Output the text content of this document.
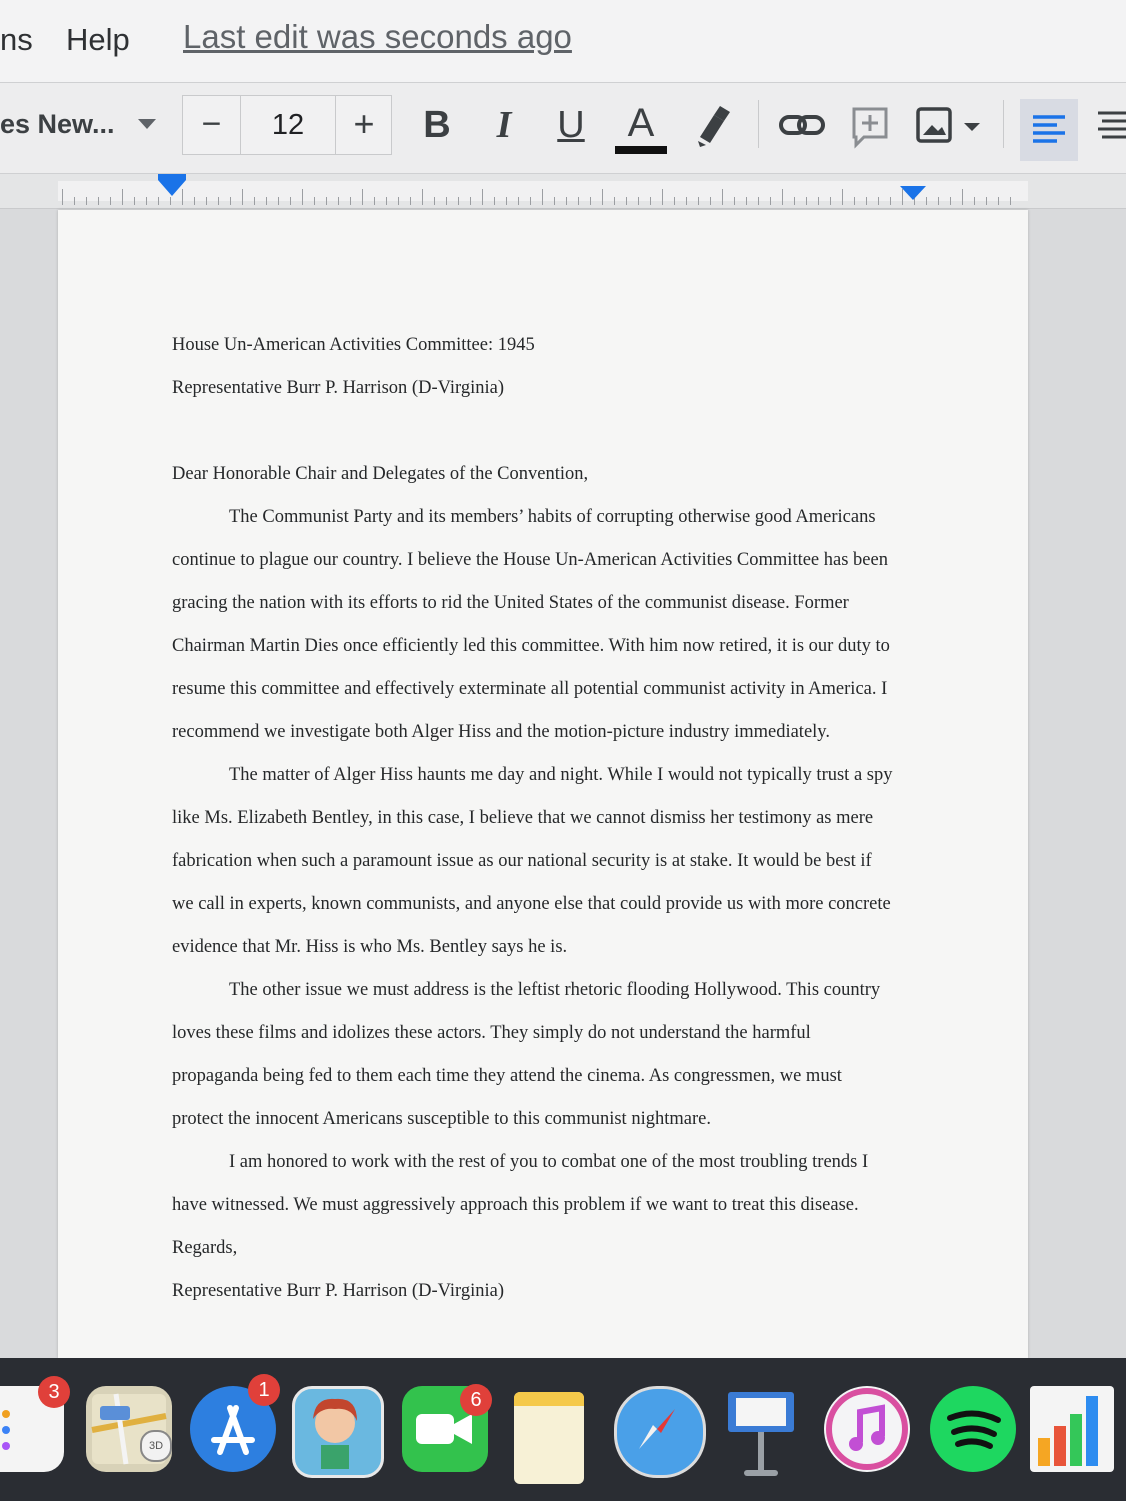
ns Help Last edit was seconds ago
es New...	−	12	+	B I U A

House Un-American Activities Committee: 1945

Representative Burr P. Harrison (D-Virginia)

Dear Honorable Chair and Delegates of the Convention,

The Communist Party and its members’ habits of corrupting otherwise good Americans

continue to plague our country. I believe the House Un-American Activities Committee has been

gracing the nation with its efforts to rid the United States of the communist disease. Former

Chairman Martin Dies once efficiently led this committee. With him now retired, it is our duty to

resume this committee and effectively exterminate all potential communist activity in America. I

recommend we investigate both Alger Hiss and the motion-picture industry immediately.

The matter of Alger Hiss haunts me day and night. While I would not typically trust a spy

like Ms. Elizabeth Bentley, in this case, I believe that we cannot dismiss her testimony as mere

fabrication when such a paramount issue as our national security is at stake. It would be best if

we call in experts, known communists, and anyone else that could provide us with more concrete

evidence that Mr. Hiss is who Ms. Bentley says he is.

The other issue we must address is the leftist rhetoric flooding Hollywood. This country

loves these films and idolizes these actors. They simply do not understand the harmful

propaganda being fed to them each time they attend the cinema. As congressmen, we must

protect the innocent Americans susceptible to this communist nightmare.

I am honored to work with the rest of you to combat one of the most troubling trends I

have witnessed. We must aggressively approach this problem if we want to treat this disease.

Regards,

Representative Burr P. Harrison (D-Virginia)

3
3D
1	6
